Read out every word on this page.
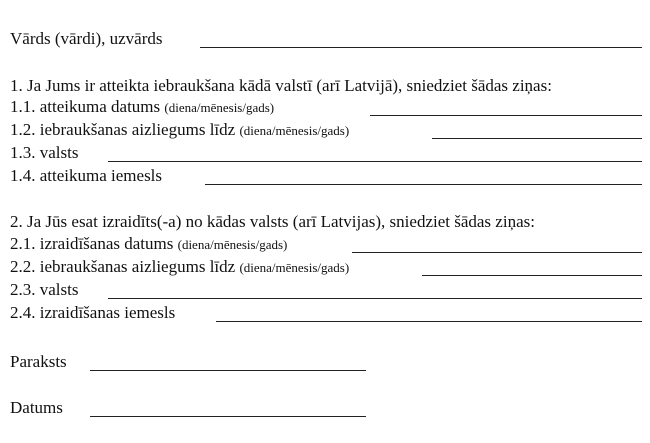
Vārds (vārdi), uzvārds
1. Ja Jums ir atteikta iebraukšana kādā valstī (arī Latvijā), sniedziet šādas ziņas:
1.1. atteikuma datums (diena/mēnesis/gads)
1.2. iebraukšanas aizliegums līdz (diena/mēnesis/gads)
1.3. valsts
1.4. atteikuma iemesls
2. Ja Jūs esat izraidīts(-a) no kādas valsts (arī Latvijas), sniedziet šādas ziņas:
2.1. izraidīšanas datums (diena/mēnesis/gads)
2.2. iebraukšanas aizliegums līdz (diena/mēnesis/gads)
2.3. valsts
2.4. izraidīšanas iemesls
Paraksts
Datums
